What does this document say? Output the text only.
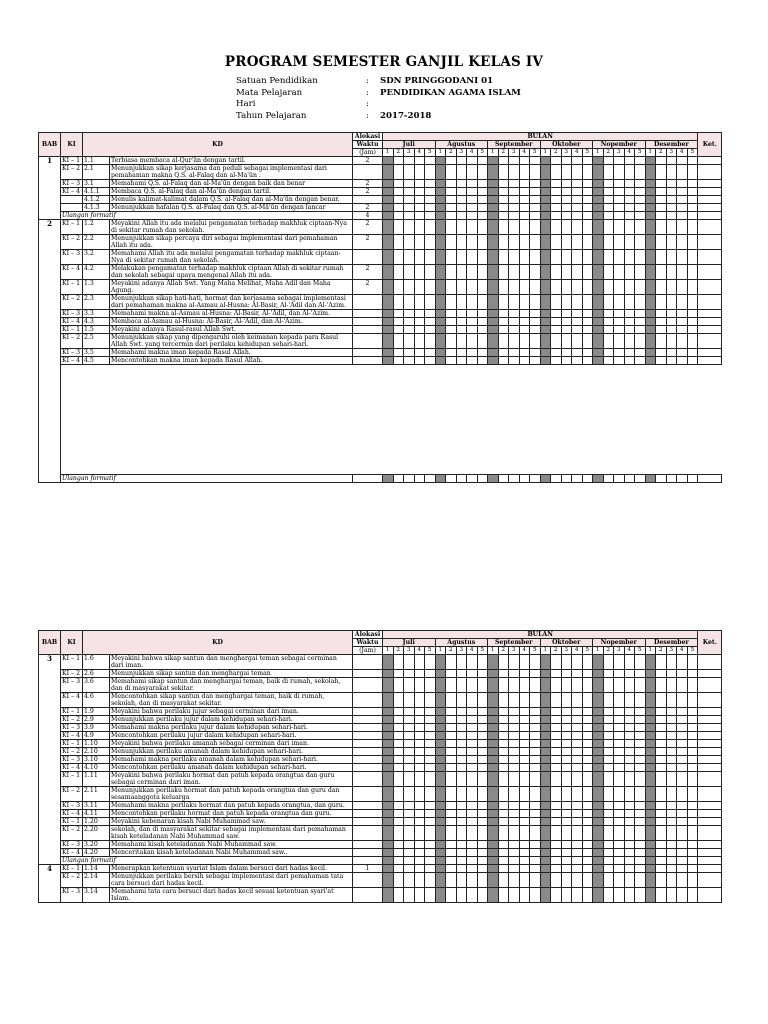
PROGRAM SEMESTER GANJIL KELAS IV
Satuan Pendidikan	:	SDN PRINGGODANI 01
Mata Pelajaran	:	PENDIDIKAN AGAMA ISLAM
Hari	:
Tahun Pelajaran	:	2017-2018
BAB	KI	KD		Alokasi	BULAN																														Ket.
				Waktu	Juli					Agustus					September					Oktober					Nopember					Desember					
				(Jam)	1	2	3	4	5	1	2	3	4	5	1	2	3	4	5	1	2	3	4	5	1	2	3	4	5	1	2	3	4	5	
1	KI – 1	1.1	Terbiasa membaca al-Qur'ān dengan tartil.	2																															
	KI – 2	2.1	Menunjukkan sikap kerjasama dan peduli sebagai implementasi dari pemahaman makna Q.S. al-Falaq dan al-Ma'ūn .																																
	KI – 3	3.1	Memahami Q.S. al-Falaq dan al-Ma'ūn dengan baik dan benar	2																															
	KI – 4	4.1.1	Membaca Q.S. al-Falaq dan al-Ma'ūn dengan tartil.	2																															
		4.1.2	Menulis kalimat-kalimat dalam Q.S. al-Falaq dan al-Ma'ūn dengan benar.																																
		4.1.3	Menunjukkan hafalan Q.S. al-Falaq dan Q.S. al-Mā'ūn dengan lancar	2																															
	Ulangan formatif			4																															
2	KI – 1	1.2	Meyakini Allah itu ada melalui pengamatan terhadap makhluk ciptaan-Nya di sekitar rumah dan sekolah.	2																															
	KI – 2	2.2	Menunjukkan sikap percaya diri sebagai implementasi dari pemahaman Allah itu ada.	2																															
	KI – 3	3.2	Memahami Allah itu ada melalui pengamatan terhadap makhluk ciptaan-Nya di sekitar rumah dan sekolah.																																
	KI – 4	4.2	Melakukan pengamatan terhadap makhluk ciptaan Allah di sekitar rumah dan sekolah sebagai upaya mengenal Allah itu ada.	2																															
	KI – 1	1.3	Meyakini adanya Allah Swt. Yang Maha Melihat, Maha Adil dan Maha Agung.	2																															
	KI – 2	2.3	Menunjukkan sikap hati-hati, hormat dan kerjasama sebagai implementasi dari pemahaman makna al-Asmau al-Husna: Al-Basir, Al-'Adil dan Al-'Azim.																																
	KI – 3	3.3	Memahami makna al-Asmau al-Husna: Al-Basir, Al-'Adil, dan Al-'Azim.																																
	KI – 4	4.3	Membaca al-Asmau al-Husna: Al-Basir, Al-'Adil, dan Al-'Azim.																																
	KI – 1	1.5	Meyakini adanya Rasul-rasul Allah Swt.																																
	KI – 2	2.5	Menunjukkan sikap yang dipengaruhi oleh keimanan kepada para Rasul Allah Swt. yang tercermin dari perilaku kehidupan sehari-hari.																																
	KI – 3	3.5	Memahami makna iman kepada Rasul Allah.																																
	KI – 4	4.5	Mencontohkan makna iman kepada Rasul Allah.																																

	Ulangan formatif																																		
BAB	KI	KD		Alokasi	BULAN																														Ket.
				Waktu	Juli					Agustus					September					Oktober					Nopember					Desember					
				(Jam)	1	2	3	4	5	1	2	3	4	5	1	2	3	4	5	1	2	3	4	5	1	2	3	4	5	1	2	3	4	5	
3	KI – 1	1.6	Meyakini bahwa sikap santun dan menghargai teman sebagai cerminan dari iman.																																
	KI – 2	2.6	Menunjukkan sikap santun dan menghargai teman																																
	KI – 3	3.6	Memahami sikap santun dan menghargai teman, baik di rumah, sekolah, dan di masyarakat sekitar.																																
	KI – 4	4.6	Mencontohkan sikap santun dan menghargai teman, baik di rumah, sekolah, dan di masyarakat sekitar.																																
	KI – 1	1.9	Meyakini bahwa perilaku jujur sebagai cerminan dari iman.																																
	KI – 2	2.9	Menunjukkan perilaku jujur dalam kehidupan sehari-hari.																																
	KI – 3	3.9	Memahami makna perilaku jujur dalam kehidupan sehari-hari.																																
	KI – 4	4.9	Mencontohkan perilaku jujur dalam kehidupan sehari-hari.																																
	KI – 1	1.10	Meyakini bahwa perilaku amanah sebagai cerminan dari iman.																																
	KI – 2	2.10	Menunjukkan perilaku amanah dalam kehidupan sehari-hari.																																
	KI – 3	3.10	Memahami makna perilaku amanah dalam kehidupan sehari-hari.																																
	KI – 4	4.10	Mencontohkan perilaku amanah dalam kehidupan sehari-hari.																																
	KI – 1	1.11	Meyakini bahwa perilaku hormat dan patuh kepada orangtua dan guru sebagai cerminan dari iman.																																
	KI – 2	2.11	Menunjukkan perilaku hormat dan patuh kepada orangtua dan guru dan sesamaanggota keluarga																																
	KI – 3	3.11	Memahami makna perilaku hormat dan patuh kepada orangtua, dan guru.																																
	KI – 4	4.11	Mencontohkan perilaku hormat dan patuh kepada orangtua dan guru.																																
	KI – 1	1.20	Meyakini kebenaran kisah Nabi Muhammad saw.																																
	KI – 2	2.20	sekolah, dan di masyarakat sekitar sebagai implementasi dari pemahaman kisah keteladanan Nabi Muhammad saw.																																
	KI – 3	3.20	Memahami kisah keteladanan Nabi Muhammad saw.																																
	KI – 4	4.20	Menceritakan kisah keteladanan Nabi Muhammad saw..																																
	Ulangan formatif																																		
4	KI – 1	1.14	Menerapkan ketentuan syariat Islam dalam bersuci dari hadas kecil.	1																															
	KI – 2	2.14	Menunjukkan perilaku bersih sebagai implementasi dari pemahaman tata cara bersuci dari hadas kecil.																																
	KI – 3	3.14	Memahami tata cara bersuci dari hadas kecil sesuai ketentuan syari'at Islam.																																
